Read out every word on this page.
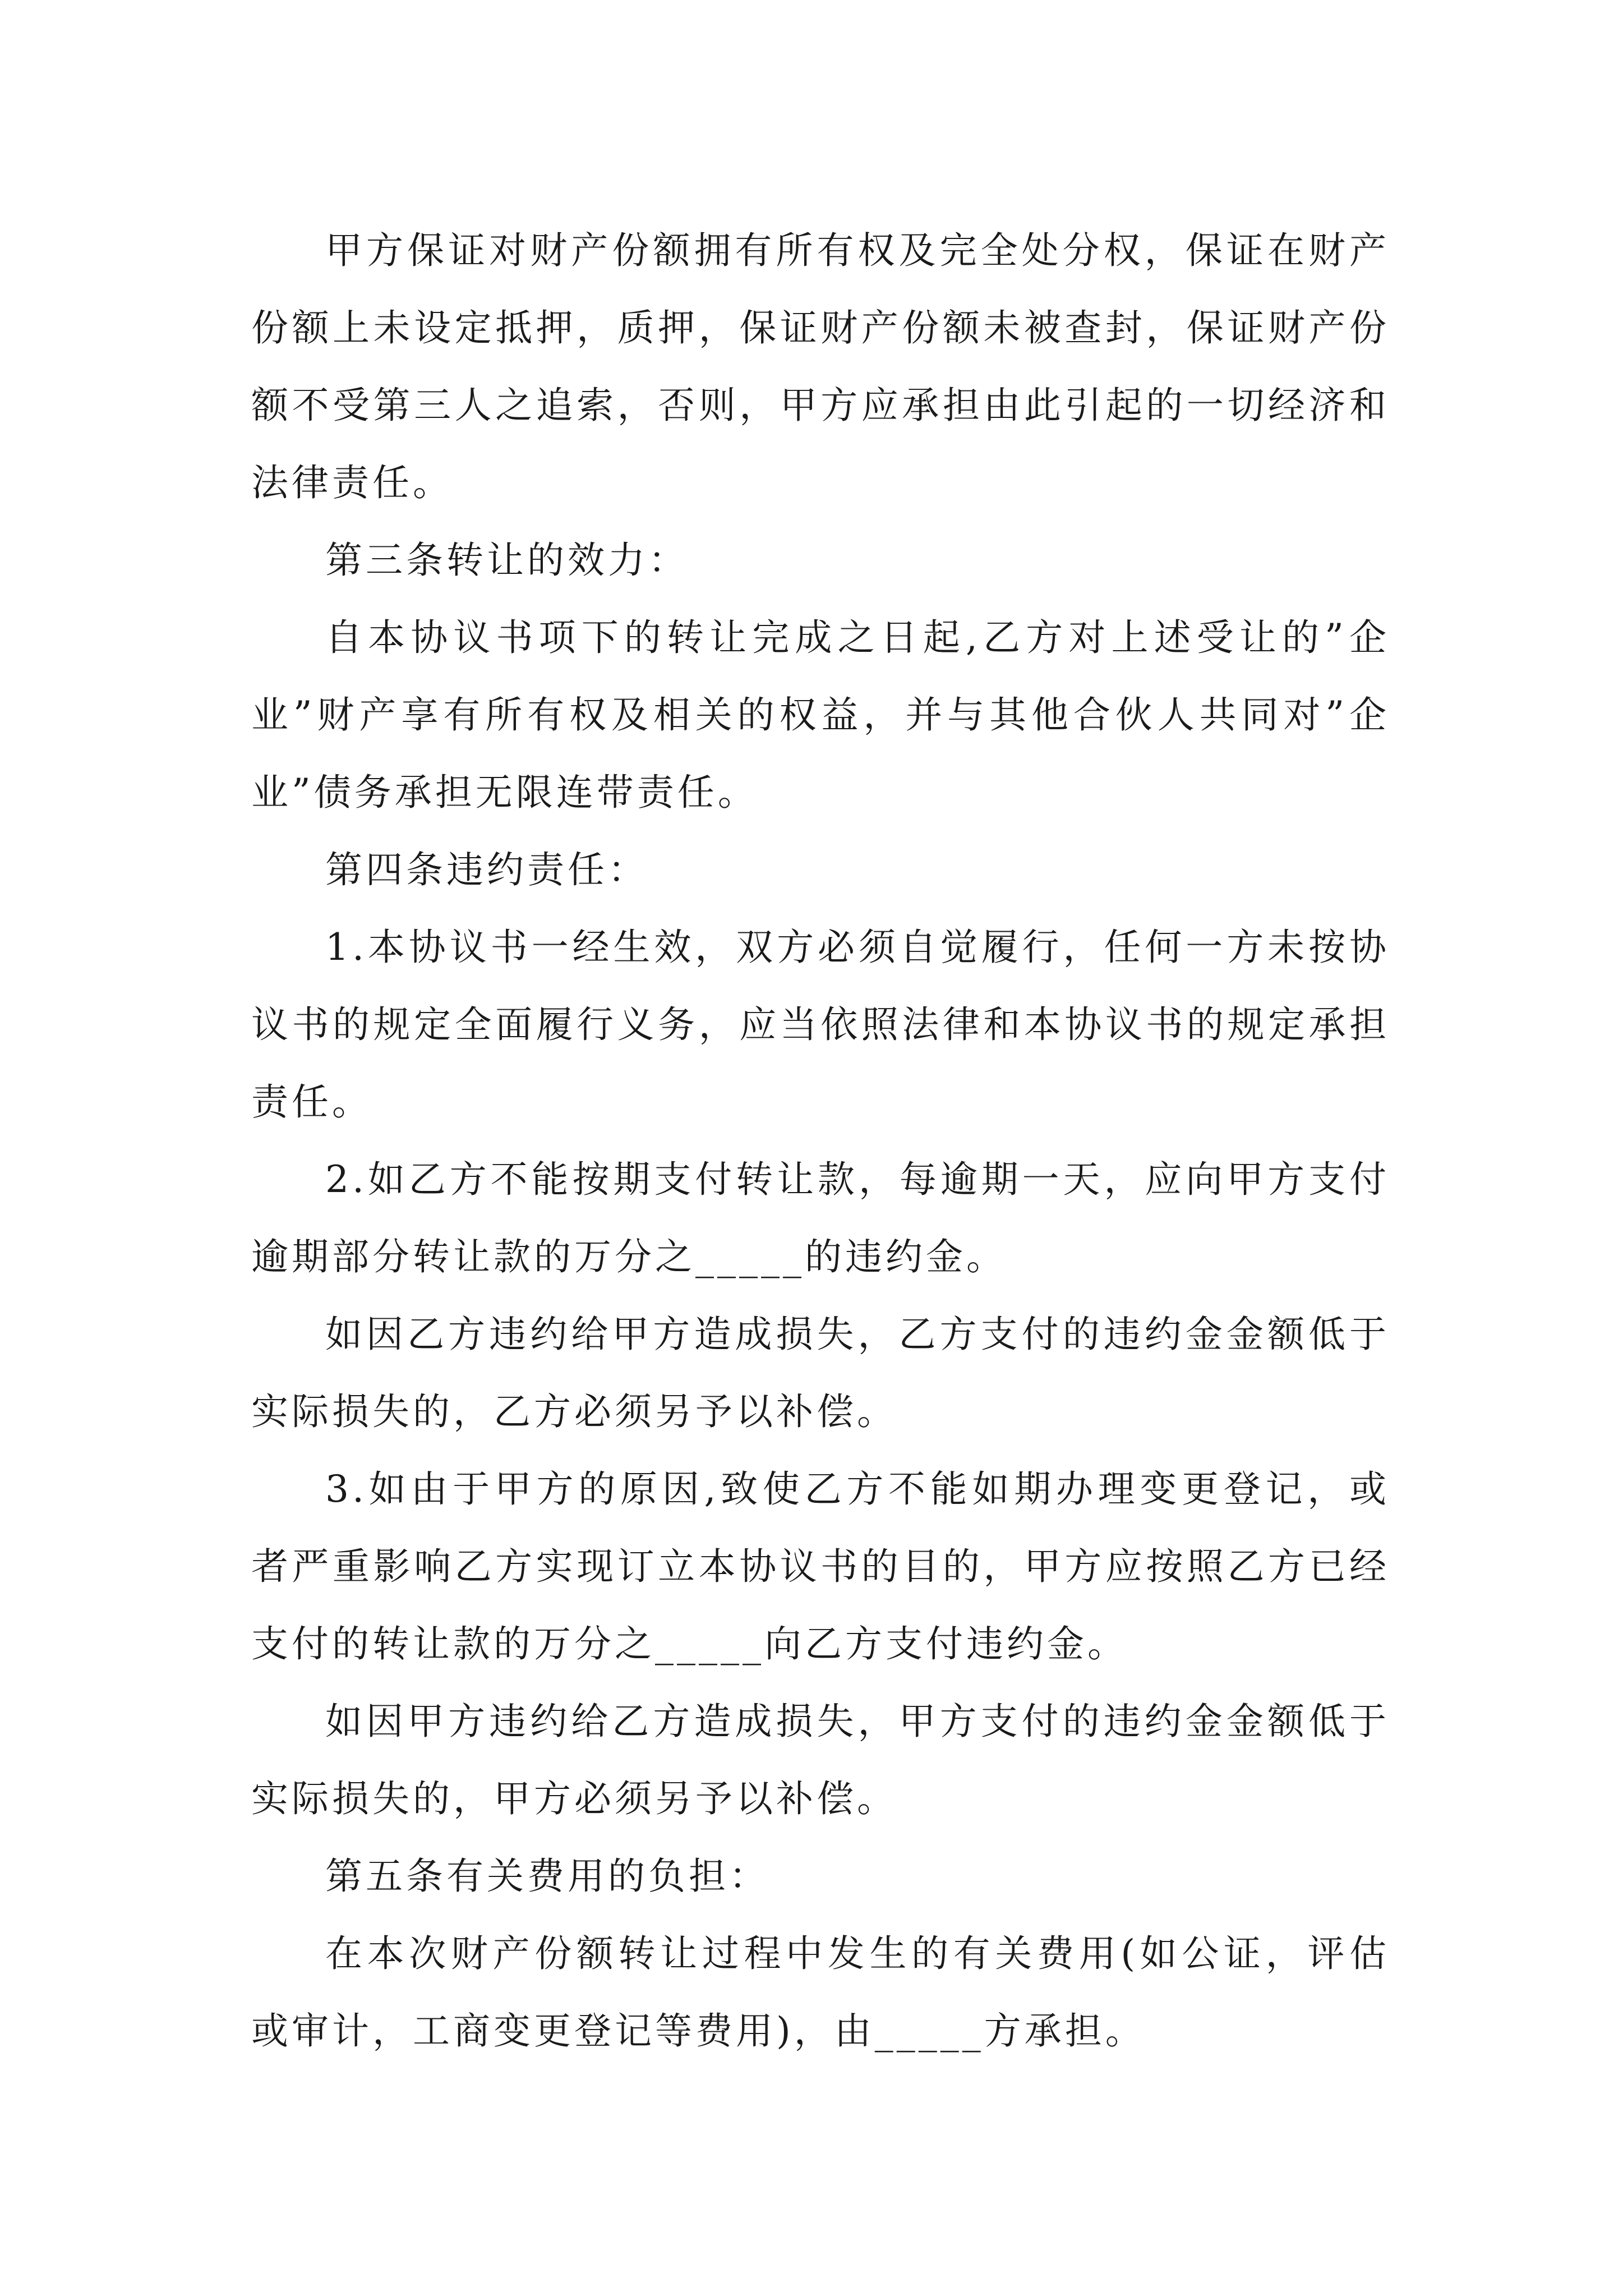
甲方保证对财产份额拥有所有权及完全处分权，保证在财产份额上未设定抵押，质押，保证财产份额未被查封，保证财产份额不受第三人之追索，否则，甲方应承担由此引起的一切经济和法律责任。

第三条转让的效力：

自本协议书项下的转让完成之日起,乙方对上述受让的”企业”财产享有所有权及相关的权益，并与其他合伙人共同对”企业”债务承担无限连带责任。

第四条违约责任：

1.本协议书一经生效，双方必须自觉履行，任何一方未按协议书的规定全面履行义务，应当依照法律和本协议书的规定承担责任。

2.如乙方不能按期支付转让款，每逾期一天，应向甲方支付逾期部分转让款的万分之_____的违约金。

如因乙方违约给甲方造成损失，乙方支付的违约金金额低于实际损失的，乙方必须另予以补偿。

3.如由于甲方的原因,致使乙方不能如期办理变更登记，或者严重影响乙方实现订立本协议书的目的，甲方应按照乙方已经支付的转让款的万分之_____向乙方支付违约金。

如因甲方违约给乙方造成损失，甲方支付的违约金金额低于实际损失的，甲方必须另予以补偿。

第五条有关费用的负担：

在本次财产份额转让过程中发生的有关费用(如公证，评估或审计，工商变更登记等费用)，由_____方承担。
